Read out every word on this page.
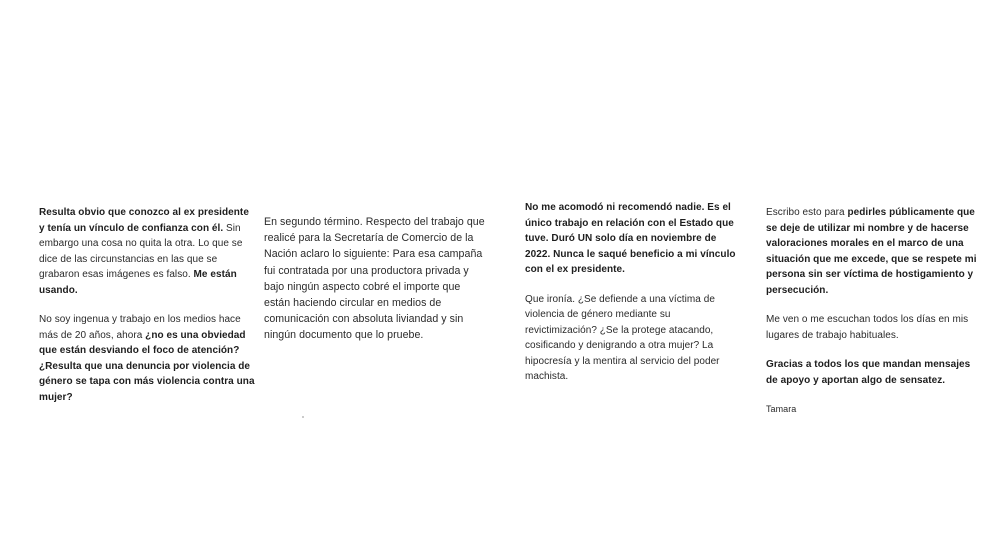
Resulta obvio que conozco al ex presidente y tenía un vínculo de confianza con él. Sin embargo una cosa no quita la otra. Lo que se dice de las circunstancias en las que se grabaron esas imágenes es falso. Me están usando.

No soy ingenua y trabajo en los medios hace más de 20 años, ahora ¿no es una obviedad que están desviando el foco de atención? ¿Resulta que una denuncia por violencia de género se tapa con más violencia contra una mujer?

En segundo término. Respecto del trabajo que realicé para la Secretaría de Comercio de la Nación aclaro lo siguiente: Para esa campaña fui contratada por una productora privada y bajo ningún aspecto cobré el importe que están haciendo circular en medios de comunicación con absoluta liviandad y sin ningún documento que lo pruebe.

No me acomodó ni recomendó nadie. Es el único trabajo en relación con el Estado que tuve. Duró UN solo día en noviembre de 2022. Nunca le saqué beneficio a mi vínculo con el ex presidente.

Que ironía. ¿Se defiende a una víctima de violencia de género mediante su revictimización? ¿Se la protege atacando, cosificando y denigrando a otra mujer? La hipocresía y la mentira al servicio del poder machista.

Escribo esto para pedirles públicamente que se deje de utilizar mi nombre y de hacerse valoraciones morales en el marco de una situación que me excede, que se respete mi persona sin ser víctima de hostigamiento y persecución.

Me ven o me escuchan todos los días en mis lugares de trabajo habituales.

Gracias a todos los que mandan mensajes de apoyo y aportan algo de sensatez.

Tamara
